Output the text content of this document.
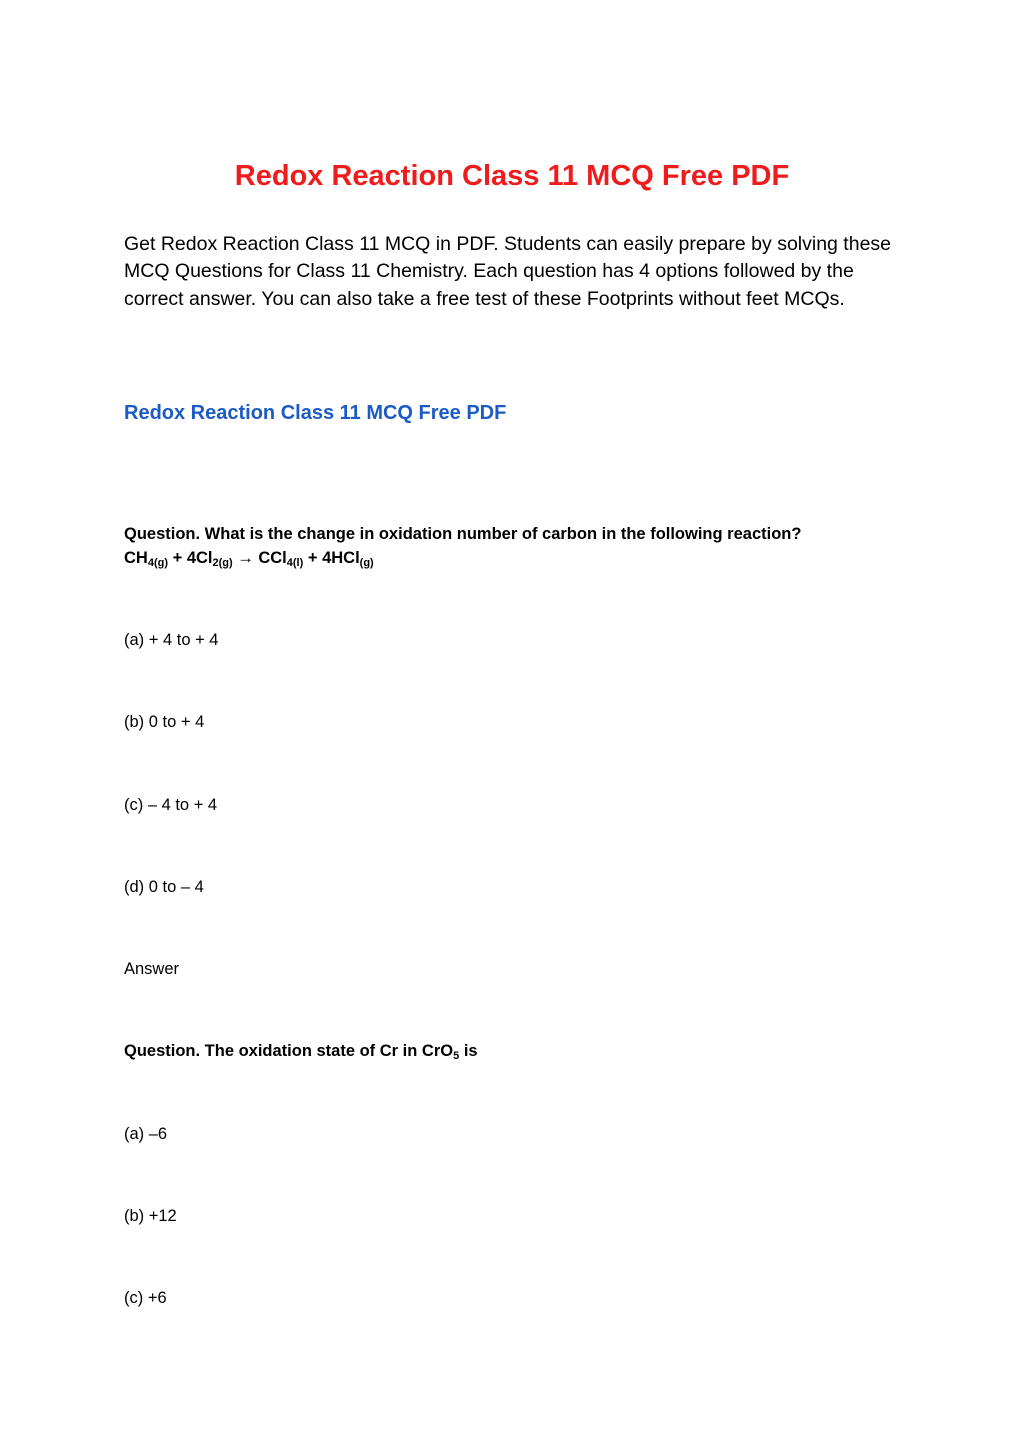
Redox Reaction Class 11 MCQ Free PDF

Get Redox Reaction Class 11 MCQ in PDF. Students can easily prepare by solving these MCQ Questions for Class 11 Chemistry. Each question has 4 options followed by the correct answer. You can also take a free test of these Footprints without feet MCQs.

Redox Reaction Class 11 MCQ Free PDF
Question. What is the change in oxidation number of carbon in the following reaction?
$CH_{4(g)} + 4Cl_{2(g)} \to CCl_{4(l)} + 4HCl_{(g)}$
(a) + 4 to + 4
(b) 0 to + 4
(c) – 4 to + 4
(d) 0 to – 4
Answer
Question. The oxidation state of Cr in CrO$_5$ is
(a) –6
(b) +12
(c) +6
